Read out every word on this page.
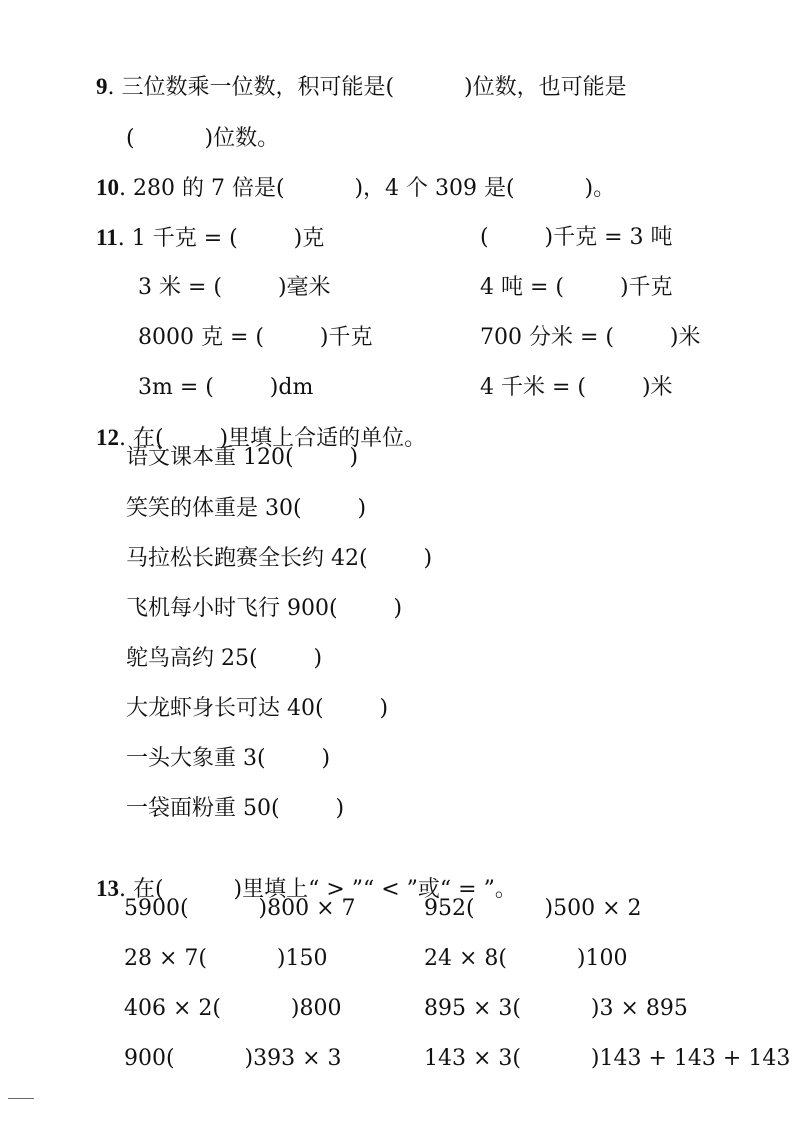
9. 三位数乘一位数，积可能是(          )位数，也可能是

(          )位数。

10. 280 的 7 倍是(          )，4 个 309 是(          )。

11. 1 千克 = (        )克	(        )千克 = 3 吨

3 米 = (        )毫米	4 吨 = (        )千克

8000 克 = (        )千克	700 分米 = (        )米

3m = (        )dm	4 千米 = (        )米

12. 在(        )里填上合适的单位。

语文课本重 120(        )
笑笑的体重是 30(        )
马拉松长跑赛全长约 42(        )
飞机每小时飞行 900(        )
鸵鸟高约 25(        )
大龙虾身长可达 40(        )
一头大象重 3(        )
一袋面粉重 50(        )

13. 在(          )里填上“ > ”“ < ”或“ = ”。

5900(          )800 × 7	952(          )500 × 2
28 × 7(          )150	24 × 8(          )100
406 × 2(          )800	895 × 3(          )3 × 895
900(          )393 × 3	143 × 3(          )143 + 143 + 143
